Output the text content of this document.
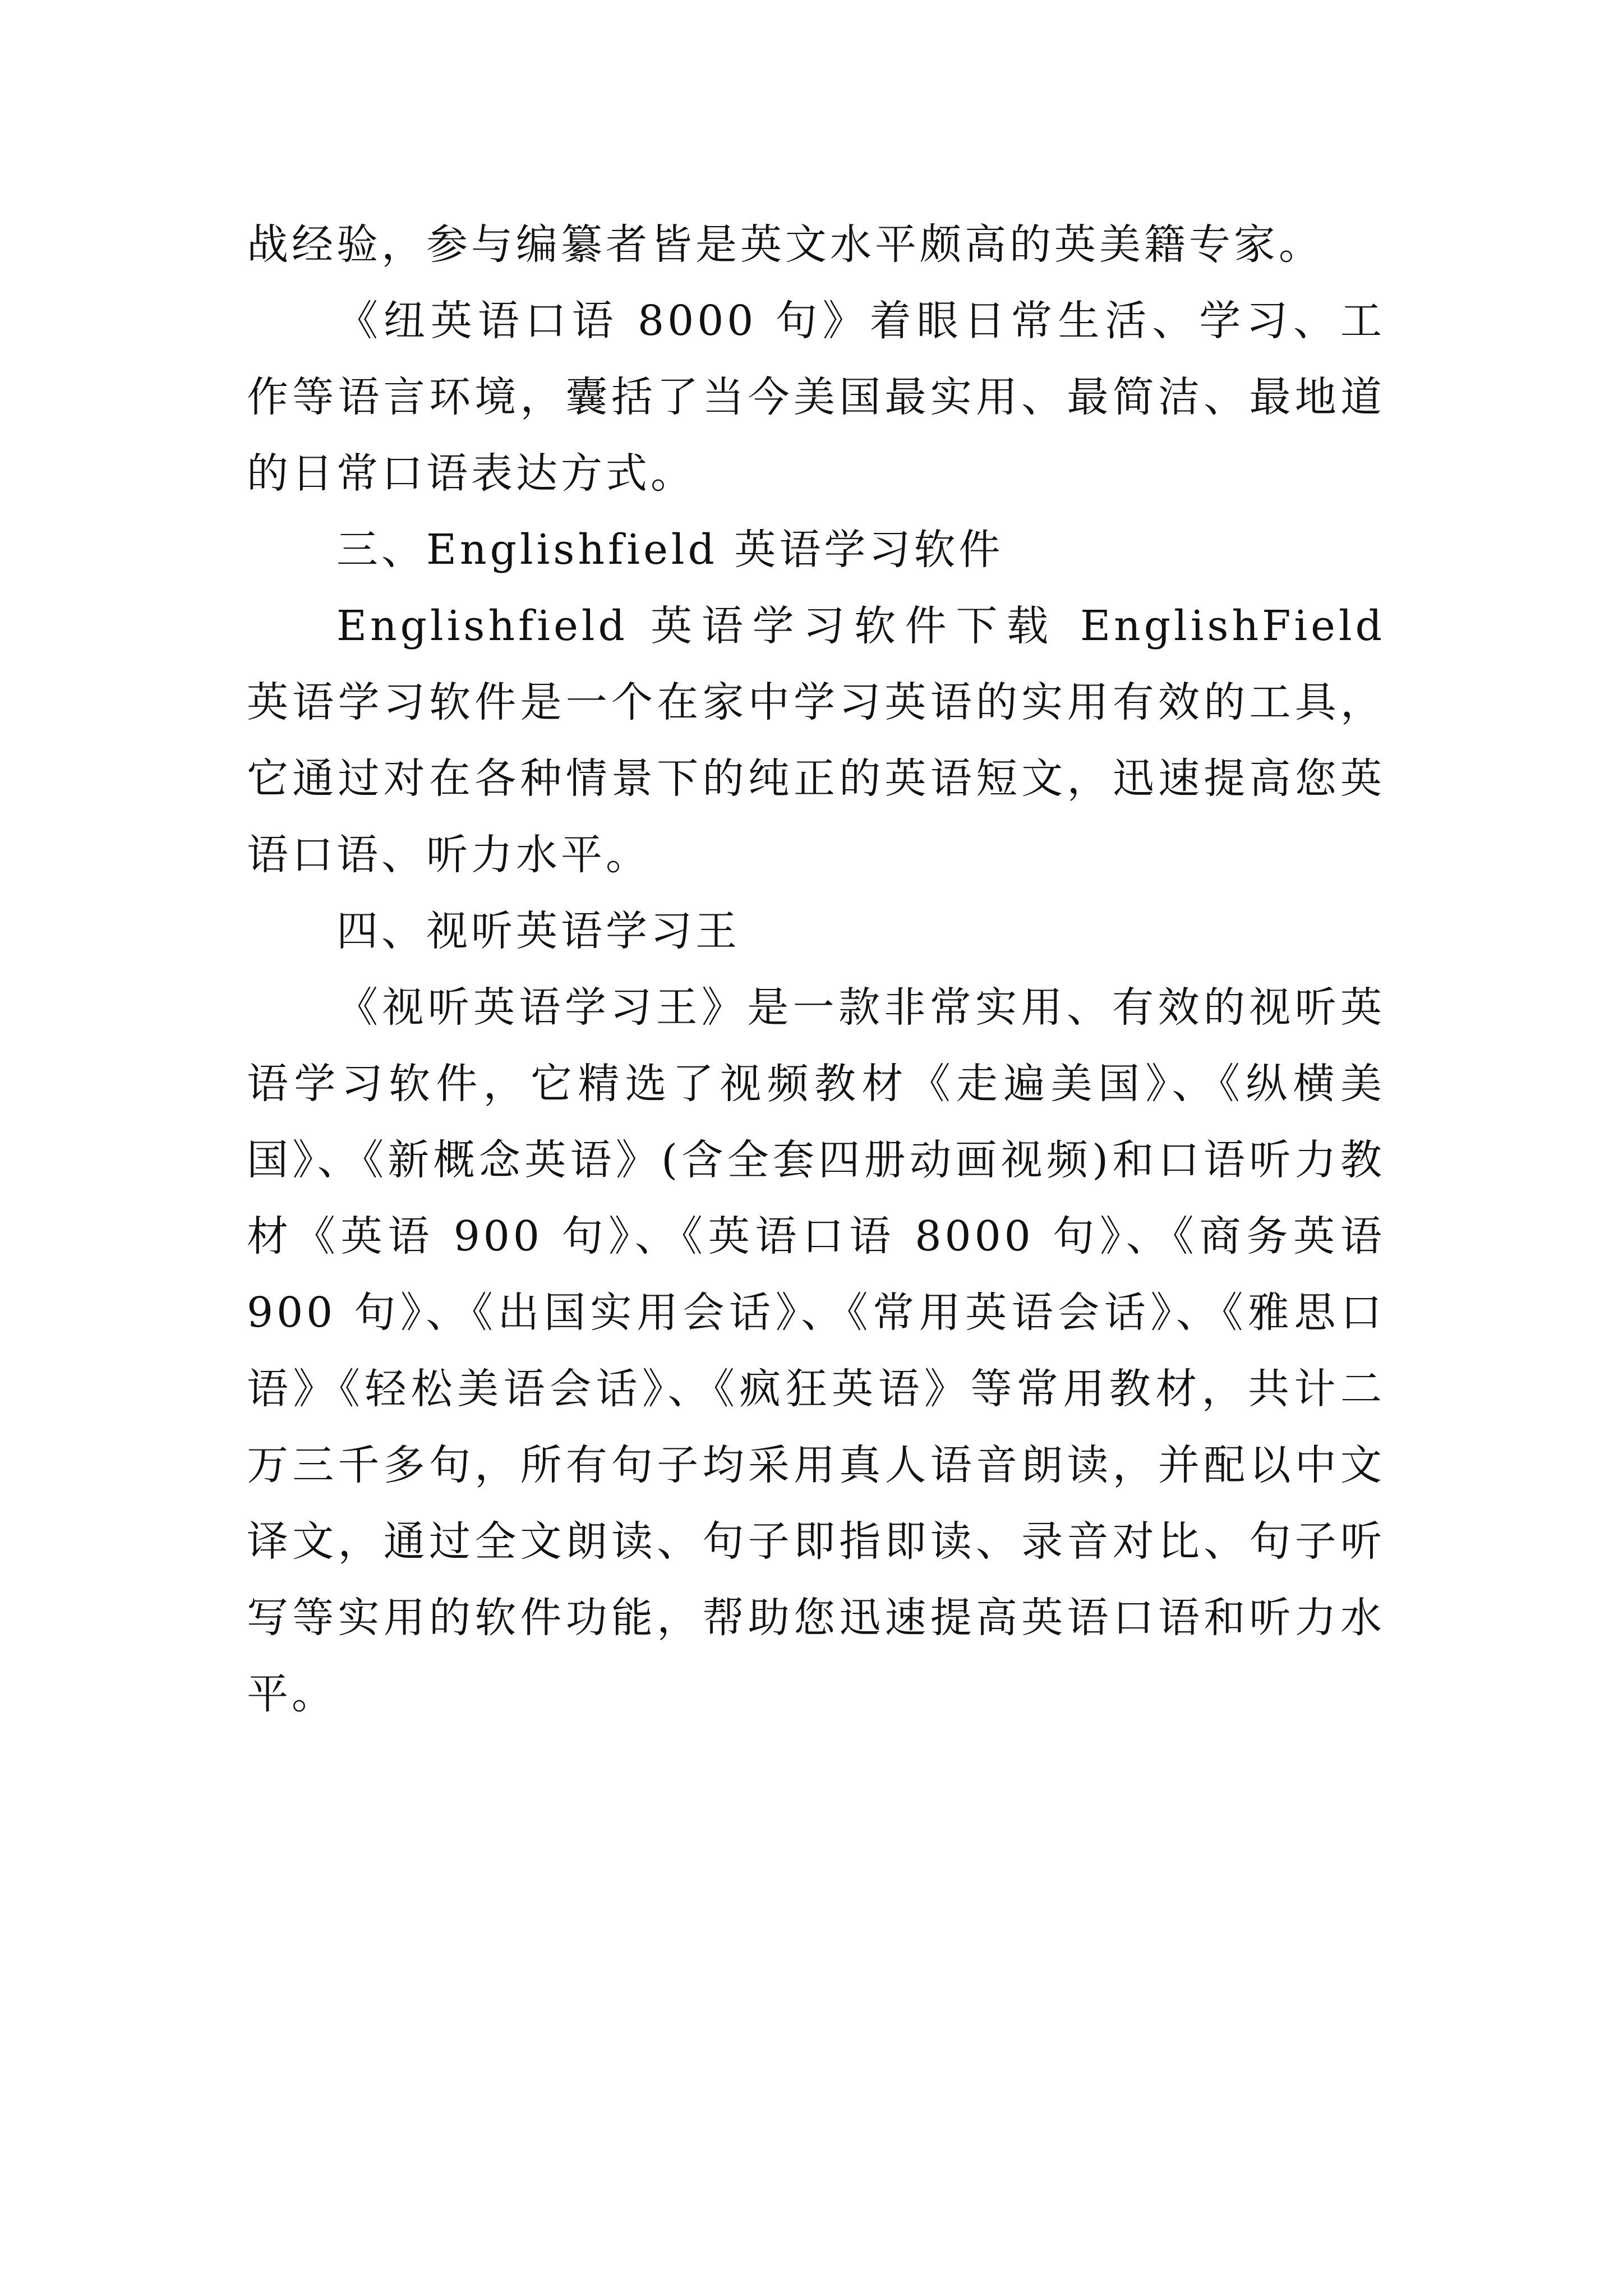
战经验，参与编纂者皆是英文水平颇高的英美籍专家。

《纽英语口语 8000 句》着眼日常生活、学习、工作等语言环境，囊括了当今美国最实用、最简洁、最地道的日常口语表达方式。

三、Englishfield 英语学习软件

Englishfield 英语学习软件下载 EnglishField 英语学习软件是一个在家中学习英语的实用有效的工具，它通过对在各种情景下的纯正的英语短文，迅速提高您英语口语、听力水平。

四、视听英语学习王

《视听英语学习王》是一款非常实用、有效的视听英语学习软件，它精选了视频教材《走遍美国》、《纵横美国》、《新概念英语》(含全套四册动画视频)和口语听力教材《英语 900 句》、《英语口语 8000 句》、《商务英语 900 句》、《出国实用会话》、《常用英语会话》、《雅思口语》《轻松美语会话》、《疯狂英语》等常用教材，共计二万三千多句，所有句子均采用真人语音朗读，并配以中文译文，通过全文朗读、句子即指即读、录音对比、句子听写等实用的软件功能，帮助您迅速提高英语口语和听力水平。
